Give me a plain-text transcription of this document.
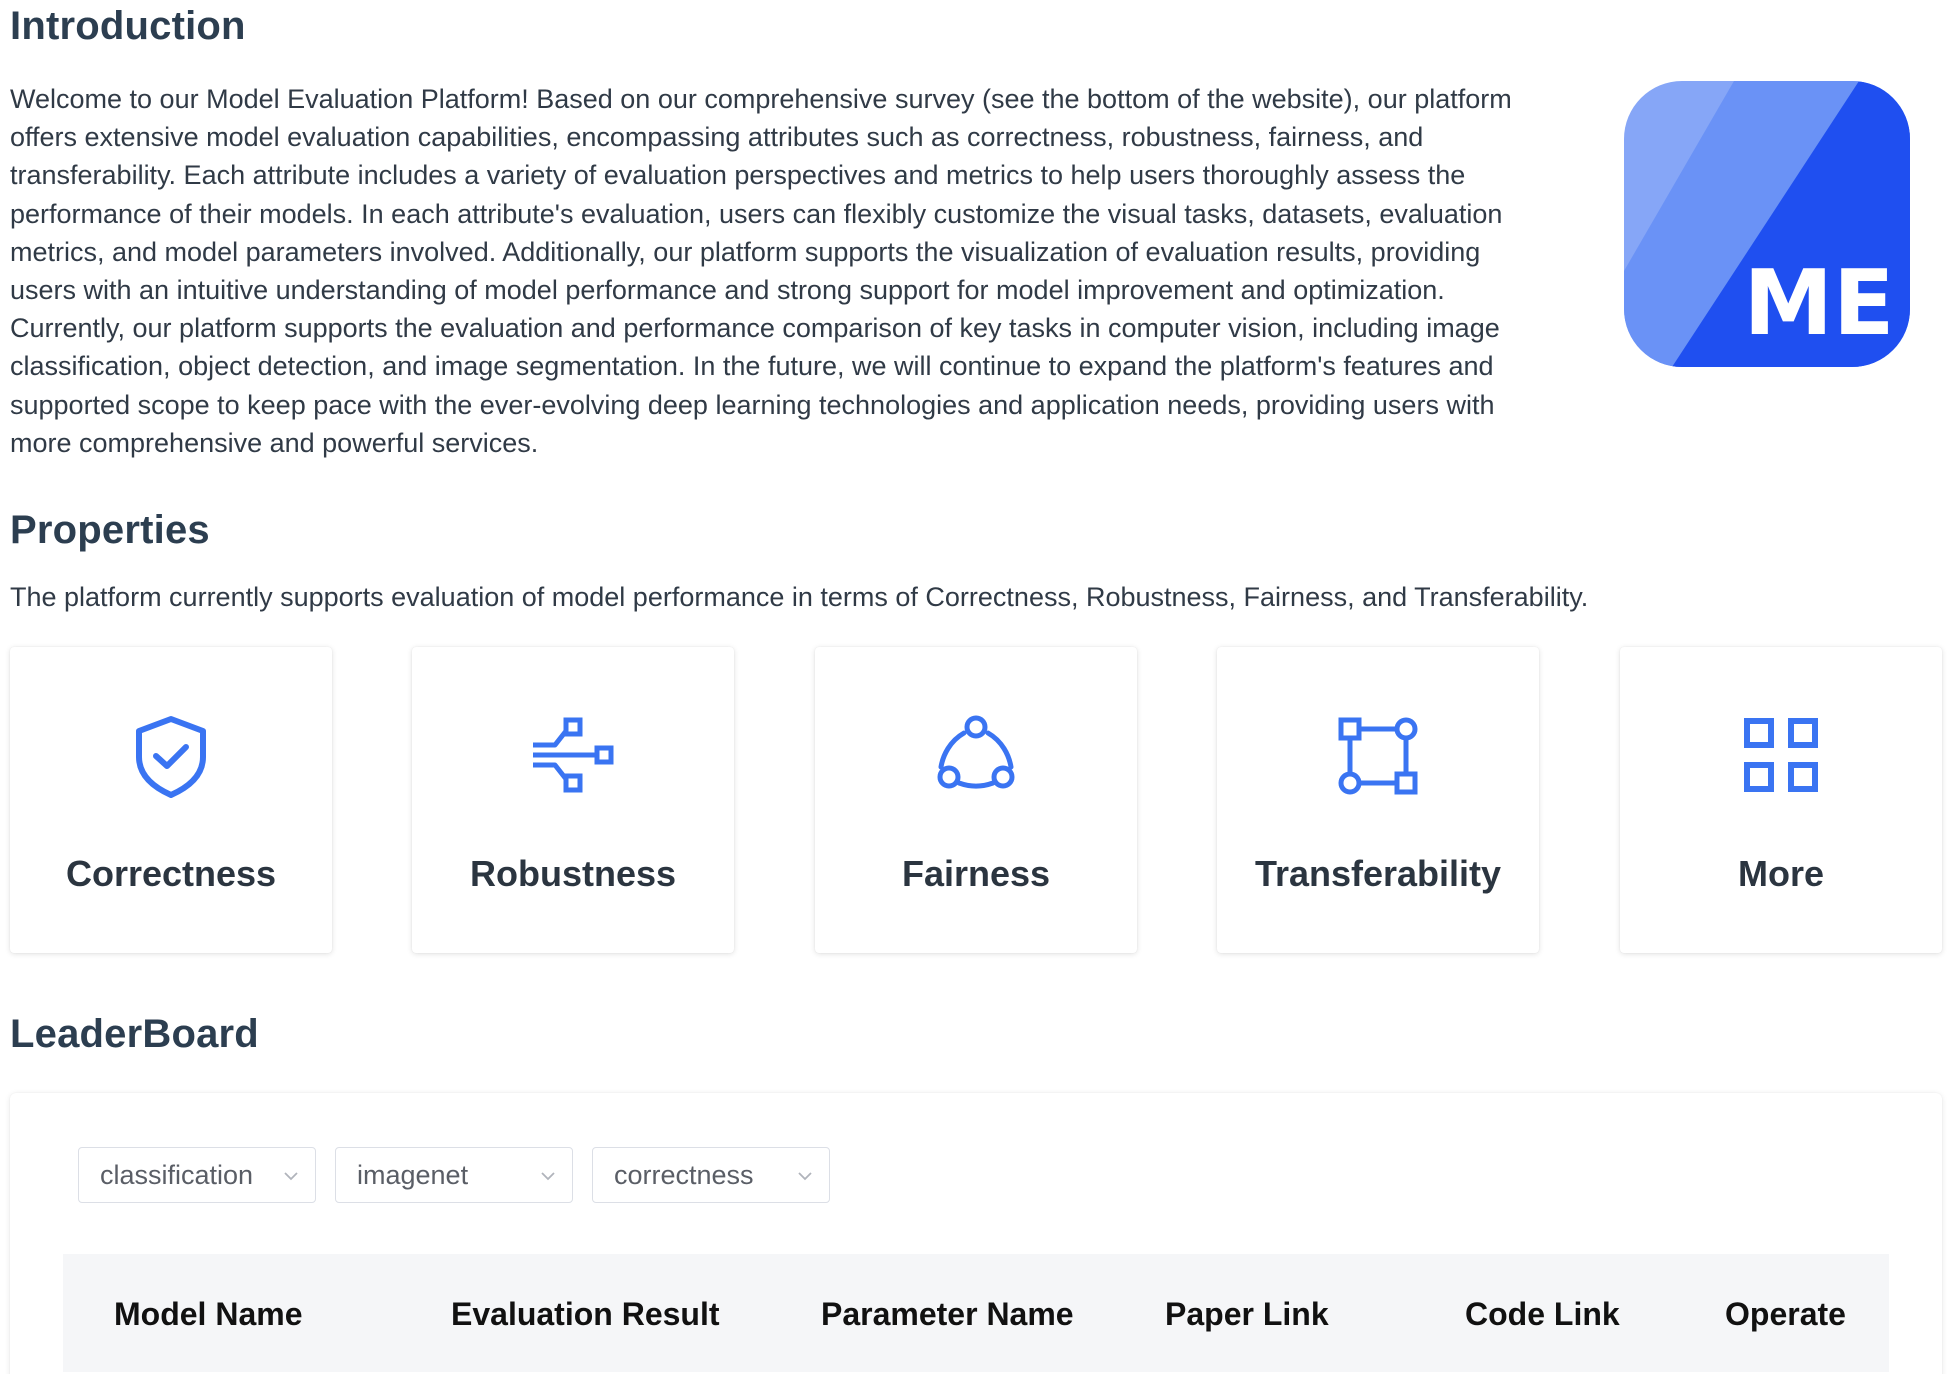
Introduction
Welcome to our Model Evaluation Platform! Based on our comprehensive survey (see the bottom of the website), our platform offers extensive model evaluation capabilities, encompassing attributes such as correctness, robustness, fairness, and transferability. Each attribute includes a variety of evaluation perspectives and metrics to help users thoroughly assess the performance of their models. In each attribute's evaluation, users can flexibly customize the visual tasks, datasets, evaluation metrics, and model parameters involved. Additionally, our platform supports the visualization of evaluation results, providing users with an intuitive understanding of model performance and strong support for model improvement and optimization. Currently, our platform supports the evaluation and performance comparison of key tasks in computer vision, including image classification, object detection, and image segmentation. In the future, we will continue to expand the platform's features and supported scope to keep pace with the ever-evolving deep learning technologies and application needs, providing users with more comprehensive and powerful services.
ME
Properties
The platform currently supports evaluation of model performance in terms of Correctness, Robustness, Fairness, and Transferability.
Correctness	Robustness	Fairness	Transferability	More
LeaderBoard
classification	imagenet	correctness
Model Name	Evaluation Result	Parameter Name	Paper Link	Code Link	Operate
